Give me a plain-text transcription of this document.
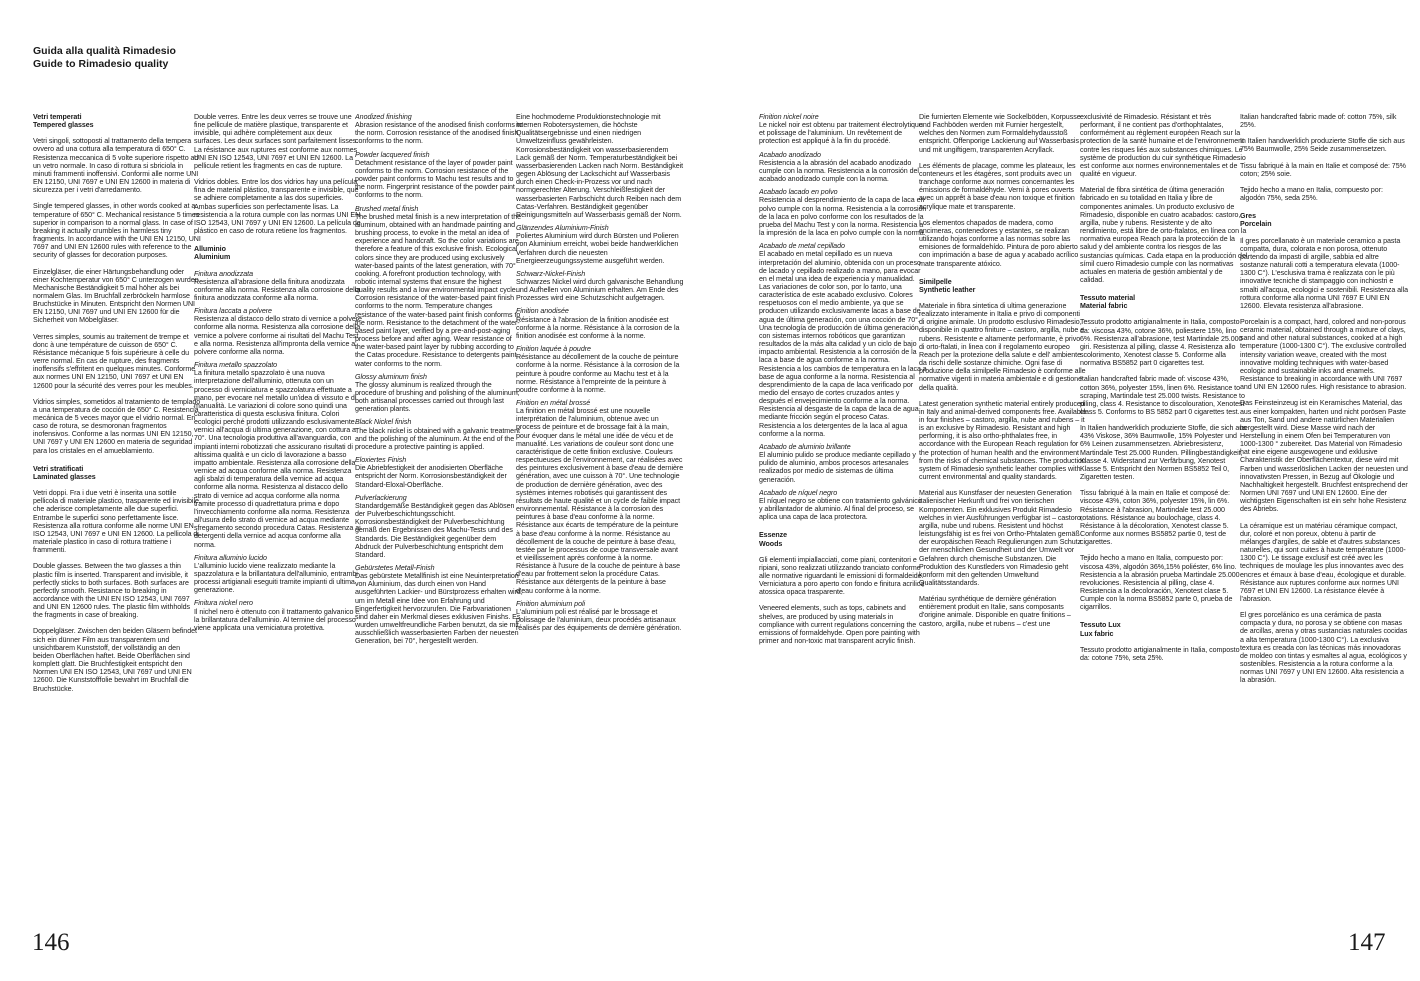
Guida alla qualità Rimadesio
Guide to Rimadesio quality
Vetri temperati
Tempered glasses

Vetri singoli, sottoposti al trattamento della tempera ovvero ad una cottura alla temperatura di 650° C. Resistenza meccanica di 5 volte superiore rispetto ad un vetro normale. In caso di rottura si sbriciola in minuti frammenti inoffensivi. Conformi alle norme UNI EN 12150, UNI 7697 e UNI EN 12600 in materia di sicurezza per i vetri d'arredamento.

Single tempered glasses, in other words cooked at a temperature of 650° C. Mechanical resistance 5 times superior in comparison to a normal glass. In case of breaking it actually crumbles in harmless tiny fragments. In accordance with the UNI EN 12150, UNI 7697 and UNI EN 12600 rules with reference to the security of glasses for decoration purposes.

Einzelgläser, die einer Härtungsbehandlung oder einer Kochtemperatur von 650° C unterzogen wurden. Mechanische Beständigkeit 5 mal höher als bei normalem Glas. Im Bruchfall zerbröckeln harmlose Bruchstücke in Minuten. Entspricht den Normen UNI EN 12150, UNI 7697 und UNI EN 12600 für die Sicherheit von Möbelgläser.

Verres simples, soumis au traitement de trempe et donc à une température de cuisson de 650° C. Résistance mécanique 5 fois supérieure à celle du verre normal. En cas de rupture, des fragments inoffensifs s'effritent en quelques minutes. Conforme aux normes UNI EN 12150, UNI 7697 et UNI EN 12600 pour la sécurité des verres pour les meubles.

Vidrios simples, sometidos al tratamiento de templado a una temperatura de cocción de 650° C. Resistencia mecánica de 5 veces mayor que el vidrio normal. En caso de rotura, se desmoronan fragmentos inofensivos. Conforme a las normas UNI EN 12150, UNI 7697 y UNI EN 12600 en materia de seguridad para los cristales en el amueblamiento.

Vetri stratificati
Laminated glasses

Vetri doppi. Fra i due vetri è inserita una sottile pellicola di materiale plastico, trasparente ed invisibile, che aderisce completamente alle due superfici. Entrambe le superfici sono perfettamente lisce. Resistenza alla rottura conforme alle norme UNI EN ISO 12543, UNI 7697 e UNI EN 12600. La pellicola di materiale plastico in caso di rottura trattiene i frammenti.

Double glasses. Between the two glasses a thin plastic film is inserted. Transparent and invisible, it perfectly sticks to both surfaces. Both surfaces are perfectly smooth. Resistance to breaking in accordance with the UNI EN ISO 12543, UNI 7697 and UNI EN 12600 rules. The plastic film withholds the fragments in case of breaking.

Doppelgläser. Zwischen den beiden Gläsern befindet sich ein dünner Film aus transparentem und unsichtbarem Kunststoff, der vollständig an den beiden Oberflächen haftet. Beide Oberflächen sind komplett glatt. Die Bruchfestigkeit entspricht den Normen UNI EN ISO 12543, UNI 7697 und UNI EN 12600. Die Kunststofffolie bewahrt im Bruchfall die Bruchstücke.

Double verres. Entre les deux verres se trouve une fine pellicule de matière plastique, transparente et invisible, qui adhère complètement aux deux surfaces. Les deux surfaces sont parfaitement lisses. La résistance aux ruptures est conforme aux normes UNI EN ISO 12543, UNI 7697 et UNI EN 12600. La pellicule retient les fragments en cas de rupture.

Vidrios dobles. Entre los dos vidrios hay una película fina de material plástico, transparente e invisible, que se adhiere completamente a las dos superficies. Ambas superficies son perfectamente lisas. La resistencia a la rotura cumple con las normas UNI EN ISO 12543, UNI 7697 y UNI EN 12600. La película de plástico en caso de rotura retiene los fragmentos.

Alluminio
Aluminium
Finitura anodizzata
Resistenza all'abrasione della finitura anodizzata conforme alla norma. Resistenza alla corrosione della finitura anodizzata conforme alla norma.
Finitura laccata a polvere
Resistenza al distacco dello strato di vernice a polvere conforme alla norma. Resistenza alla corrosione della vernice a polvere conforme ai risultati del Machu Test e alla norma. Resistenza all'impronta della vernice a polvere conforme alla norma.
Finitura metallo spazzolato
La finitura metallo spazzolato è una nuova interpretazione dell'alluminio, ottenuta con un processo di verniciatura e spazzolatura effettuate a mano, per evocare nel metallo un'idea di vissuto e di manualità. Le variazioni di colore sono quindi una caratteristica di questa esclusiva finitura. Colori ecologici perché prodotti utilizzando esclusivamente vernici all'acqua di ultima generazione, con cottura a 70°. Una tecnologia produttiva all'avanguardia, con impianti interni robotizzati che assicurano risultati di altissima qualità e un ciclo di lavorazione a basso impatto ambientale. Resistenza alla corrosione della vernice ad acqua conforme alla norma. Resistenza agli sbalzi di temperatura della vernice ad acqua conforme alla norma. Resistenza al distacco dello strato di vernice ad acqua conforme alla norma tramite processo di quadrettatura prima e dopo l'invecchiamento conforme alla norma. Resistenza all'usura dello strato di vernice ad acqua mediante sfregamento secondo procedura Catas. Resistenza ai detergenti della vernice ad acqua conforme alla norma.
Finitura alluminio lucido
L'alluminio lucido viene realizzato mediante la spazzolatura e la brillantatura dell'alluminio, entrambi processi artigianali eseguiti tramite impianti di ultima generazione.
Finitura nickel nero
Il nichel nero è ottenuto con il trattamento galvanico e la brillantatura dell'alluminio. Al termine del processo viene applicata una verniciatura protettiva.
Anodized finishing
Abrasion resistance of the anodised finish conforms to the norm. Corrosion resistance of the anodised finish conforms to the norm.
Powder lacquered finish
Detachment resistance of the layer of powder paint conforms to the norm. Corrosion resistance of the powder paint conforms to Machu test results and to the norm. Fingerprint resistance of the powder paint conforms to the norm.
Brushed metal finish
The brushed metal finish is a new interpretation of the aluminum, obtained with an handmade painting and brushing process, to evoke in the metal an idea of experience and handcraft. So the color variations are therefore a feature of this exclusive finish. Ecological colors since they are produced using exclusively water-based paints of the latest generation, with 70° cooking. A forefront production technology, with robotic internal systems that ensure the highest quality results and a low environmental impact cycle. Corrosion resistance of the water-based paint finish conforms to the norm. Temperature changes resistance of the water-based paint finish conforms to the norm. Resistance to the detachment of the water-based paint layer, verified by a pre-and-post-aging process before and after aging. Wear resistance of the water-based paint layer by rubbing according to the Catas procedure. Resistance to detergents paint water conforms to the norm.
Glossy aluminum finish
The glossy aluminum is realized through the procedure of brushing and polishing of the aluminum, both artisanal processes carried out through last generation plants.
Black Nickel finish
The black nickel is obtained with a galvanic treatment and the polishing of the aluminum. At the end of the procedure a protective painting is applied.
Eloxiertes Finish
Die Abriebfestigkeit der anodisierten Oberfläche entspricht der Norm. Korrosionsbeständigkeit der Standard-Eloxal-Oberfläche.
Pulverlackierung
Standardgemäße Beständigkeit gegen das Ablösen der Pulverbeschichtungsschicht. Korrosionsbeständigkeit der Pulverbeschichtung gemäß den Ergebnissen des Machu-Tests und des Standards. Die Beständigkeit gegenüber dem Abdruck der Pulverbeschichtung entspricht dem Standard.
Gebürstetes Metall-Finish
Das gebürstete Metallfinish ist eine Neuinterpretation von Aluminium, das durch einen von Hand ausgeführten Lackier- und Bürstprozess erhalten wird, um im Metall eine Idee von Erfahrung und Fingerfertigkeit hervorzurufen. Die Farbvariationen sind daher ein Merkmal dieses exklusiven Finishs. Es wurden umweltfreundliche Farben benutzt, da sie mit ausschließlich wasserbasierten Farben der neuesten Generation, bei 70°, hergestellt werden.
Eine hochmoderne Produktionstechnologie mit internen Robotersystemen, die höchste Qualitätsergebnisse und einen niedrigen Umweltzeinfluss gewährleisten. Korrosionsbeständigkeit von wasserbasierendem Lack gemäß der Norm. Temperaturbeständigkeit bei wasserbasierenden Lacken nach Norm. Beständigkeit gegen Ablösung der Lackschicht auf Wasserbasis durch einen Check-in-Prozess vor und nach normgerechter Alterung. Verschleißfestigkeit der wasserbasierten Farbschicht durch Reiben nach dem Catas-Verfahren. Beständigkeit gegenüber Reinigungsmitteln auf Wasserbasis gemäß der Norm.
Glänzendes Aluminium-Finish
Poliertes Aluminium wird durch Bürsten und Polieren von Aluminium erreicht, wobei beide handwerklichen Verfahren durch die neuesten Energieerzeugungssysteme ausgeführt werden.
Schwarz-Nickel-Finish
Schwarzes Nickel wird durch galvanische Behandlung und Aufhellen von Aluminium erhalten. Am Ende des Prozesses wird eine Schutzschicht aufgetragen.
Finition anodisée
Résistance à l'abrasion de la finition anodisée est conforme à la norme. Résistance à la corrosion de la finition anodisée est conforme à la norme.
Finition laquée à poudre
Résistance au décollement de la couche de peinture conforme à la norme. Résistance à la corrosion de la peinture à poudre conforme au Machu test et à la norme. Résistance à l'empreinte de la peinture à poudre conforme à la norme.
Finition en métal brossé
La finition en métal brossé est une nouvelle interprétation de l'aluminium, obtenue avec un process de peinture et de brossage fait à la main, pour évoquer dans le métal une idée de vécu et de manualité. Les variations de couleur sont donc une caractéristique de cette finition exclusive. Couleurs respectueuses de l'environnement, car réalisées avec des peintures exclusivement à base d'eau de dernière génération, avec une cuisson à 70°. Une technologie de production de dernière génération, avec des systèmes internes robotisés qui garantissent des résultats de haute qualité et un cycle de faible impact environnemental. Résistance à la corrosion des peintures à base d'eau conforme à la norme. Résistance aux écarts de température de la peinture à base d'eau conforme à la norme. Résistance au décollement de la couche de peinture à base d'eau, testée par le processus de coupe transversale avant et vieillissement après conforme à la norme. Résistance à l'usure de la couche de peinture à base d'eau par frottement selon la procédure Catas. Résistance aux détergents de la peinture à base d'eau conforme à la norme.
Finition aluminium poli
L'aluminium poli est réalisé par le brossage et polissage de l'aluminium, deux procédés artisanaux réalisés par des équipements de dernière génération.
Finition nickel noire
Le nickel noir est obtenu par traitement électrolytique et polissage de l'aluminium. Un revêtement de protection est appliqué à la fin du procédé.
Acabado anodizado
Resistencia a la abrasión del acabado anodizado cumple con la norma. Resistencia a la corrosión del acabado anodizado cumple con la norma.
Acabado lacado en polvo
Resistencia al desprendimiento de la capa de laca en polvo cumple con la norma. Resistencia a la corrosión de la laca en polvo conforme con los resultados de la prueba del Machu Test y con la norma. Resistencia a la impresión de la laca en polvo cumple con la norma.
Acabado de metal cepillado
El acabado en metal cepillado es un nueva interpretación del aluminio, obtenida con un proceso de lacado y cepillado realizado a mano, para evocar en el metal una idea de experiencia y manualidad. Las variaciones de color son, por lo tanto, una característica de este acabado exclusivo. Colores respetuosos con el medio ambiente, ya que se producen utilizando exclusivamente lacas a base de agua de última generación, con una cocción de 70°. Una tecnología de producción de última generación, con sistemas internos robóticos que garantizan resultados de la más alta calidad y un ciclo de bajo impacto ambiental. Resistencia a la corrosión de la laca a base de agua conforme a la norma. Resistencia a los cambios de temperatura en la laca a base de agua conforme a la norma. Resistencia al desprendimiento de la capa de laca verificado por medio del ensayo de cortes cruzados antes y después el envejecimiento conforme a la norma. Resistencia al desgaste de la capa de laca de agua mediante fricción según el proceso Catas. Resistencia a los detergentes de la laca al agua conforme a la norma.
Acabado de aluminio brillante
El aluminio pulido se produce mediante cepillado y pulido de aluminio, ambos procesos artesanales realizados por medio de sistemas de última generación.
Acabado de níquel negro
El níquel negro se obtiene con tratamiento galvánico y abrillantador de aluminio. Al final del proceso, se aplica una capa de laca protectora.
Essenze
Woods

Gli elementi impiallacciati, come piani, contenitori e ripiani, sono realizzati utilizzando tranciato conforme alle normative riguardanti le emissioni di formaldeide. Verniciatura a poro aperto con fondo e finitura acrilica atossica opaca trasparente.

Veneered elements, such as tops, cabinets and shelves, are produced by using materials in compliance with current regulations concerning the emissions of formaldehyde. Open pore painting with primer and non-toxic mat transparent acrylic finish.

Die furnierten Elemente wie Sockelböden, Korpusse und Fachböden werden mit Furnier hergestellt, welches den Normen zum Formaldehydausstoß entspricht. Offenporige Lackierung auf Wasserbasis und mit ungiftigem, transparenten Acryllack.

Les éléments de placage, comme les plateaux, les conteneurs et les étagères, sont produits avec un tranchage conforme aux normes concernantes les émissions de formaldéhyde. Verni à pores ouverts avec un apprêt à base d'eau non toxique et finition acrylique mate et transparente.

Los elementos chapados de madera, como encimeras, contenedores y estantes, se realizan utilizando hojas conforme a las normas sobre las emisiones de formaldehído. Pintura de poro abierto con imprimación a base de agua y acabado acrílico mate transparente atóxico.

Similpelle
Synthetic leather

Materiale in fibra sintetica di ultima generazione realizzato interamente in Italia e privo di componenti di origine animale. Un prodotto esclusivo Rimadesio, disponibile in quattro finiture – castoro, argilla, nube e rubens. Resistente e altamente performante, è privo di orto-ftalati, in linea con il regolamento europeo Reach per la protezione della salute e dell' ambiente da rischi delle sostanze chimiche. Ogni fase di produzione della similpelle Rimadesio è conforme alle normative vigenti in materia ambientale e di gestione della qualità.

Latest generation synthetic material entirely produced in Italy and animal-derived components free. Available in four finishes – castoro, argilla, nube and rubens – it is an exclusive by Rimadesio. Resistant and high performing, it is also ortho-phthalates free, in accordance with the European Reach regulation for the protection of human health and the environment from the risks of chemical substances. The production system of Rimadesio synthetic leather complies with current environmental and quality standards.

Material aus Kunstfaser der neuesten Generation italienischer Herkunft und frei von tierischen Komponenten. Ein exklusives Produkt Rimadesio welches in vier Ausführungen verfügbar ist – castoro, argilla, nube und rubens. Resistent und höchst leistungsfähig ist es frei von Ortho-Phtalaten gemäß der europäischen Reach Regulierungen zum Schutz der menschlichen Gesundheit und der Umwelt vor Gefahren durch chemische Substanzen. Die Produktion des Kunstleders von Rimadesio geht konform mit den geltenden Umweltund Qualitätsstandards.

Matériau synthétique de dernière génération entièrement produit en Italie, sans composants d'origine animale. Disponible en quatre finitions – castoro, argilla, nube et rubens – c'est une

exclusivité de Rimadesio. Résistant et très performant, il ne contient pas d'orthophtalates, conformément au règlement européen Reach sur la protection de la santé humaine et de l'environnement contre les risques liés aux substances chimiques. Le système de production du cuir synthétique Rimadesio est conforme aux normes environnementales et de qualité en vigueur.

Material de fibra sintética de última generación fabricado en su totalidad en Italia y libre de componentes animales. Un producto exclusivo de Rimadesio, disponible en cuatro acabados: castoro, argilla, nube y rubens. Resistente y de alto rendimiento, está libre de orto-ftalatos, en línea con la normativa europea Reach para la protección de la salud y del ambiente contra los riesgos de las sustancias químicas. Cada etapa en la producción del símil cuero Rimadesio cumple con las normativas actuales en materia de gestión ambiental y de calidad.

Tessuto material
Material fabric

Tessuto prodotto artigianalmente in Italia, composto da: viscosa 43%, cotone 36%, poliestere 15%, lino 6%. Resistenza all'abrasione, test Martindale 25.000 giri. Resistenza al pilling, classe 4. Resistenza allo scolorimento, Xenotest classe 5. Conforme alla normativa BS5852 part 0 cigarettes test.

Italian handcrafted fabric made of: viscose 43%, cotton 36%, polyester 15%, linen 6%. Resistance to scraping, Martindale test 25.000 twists. Resistance to piling, class 4. Resistance to discolouration, Xenotest class 5. Conforms to BS 5852 part 0 cigarettes test.

In Italien handwerklich produzierte Stoffe, die sich aus 43% Viskose, 36% Baumwolle, 15% Polyester und 6% Leinen zusammensetzen. Abriebresistenz, Martindale Test 25.000 Runden. Pillingbeständigkeit, Klasse 4. Widerstand zur Verfärbung, Xenotest Klasse 5. Entspricht den Normen BS5852 Teil 0, Zigaretten testen.

Tissu fabriqué à la main en Italie et composé de: viscose 43%, coton 36%, polyester 15%, lin 6%. Résistance à l'abrasion, Martindale test 25.000 rotations. Résistance au boulochage, class 4. Résistance à la décoloration, Xenotest classe 5. Conforme aux normes BS5852 partie 0, test de cigarettes.

Tejido hecho a mano en Italia, compuesto por: viscosa 43%, algodón 36%,15% poliéster, 6% lino. Resistencia a la abrasión prueba Martindale 25.000 revoluciones. Resistencia al pilling, clase 4. Resistencia a la decoloración, Xenotest clase 5. Cumple con la norma BS5852 parte 0, prueba de cigarrillos.

Tessuto Lux
Lux fabric

Tessuto prodotto artigianalmente in Italia, composto da: cotone 75%, seta 25%.

Italian handcrafted fabric made of: cotton 75%, silk 25%.

In Italien handwerklich produzierte Stoffe die sich aus 75% Baumwolle, 25% Seide zusammensetzen.

Tissu fabriqué à la main en Italie et composé de: 75% coton; 25% soie.

Tejido hecho a mano en Italia, compuesto por: algodón 75%, seda 25%.

Gres
Porcelain

Il gres porcellanato è un materiale ceramico a pasta compatta, dura, colorata e non porosa, ottenuto partendo da impasti di argille, sabbia ed altre sostanze naturali cotti a temperatura elevata (1000-1300 C°). L'esclusiva trama è realizzata con le più innovative tecniche di stampaggio con inchiostri e smalti all'acqua, ecologici e sostenibili. Resistenza alla rottura conforme alla norma UNI 7697 E UNI EN 12600. Elevata resistenza all'abrasione.

Porcelain is a compact, hard, colored and non-porous ceramic material, obtained through a mixture of clays, sand and other natural substances, cooked at a high temperature (1000-1300 C°). The exclusive controlled intensity variation weave, created with the most innovative molding techniques with water-based ecologic and sustainable inks and enamels. Resistance to breaking in accordance with UNI 7697 and UNI EN 12600 rules. High resistance to abrasion.

Das Feinsteinzeug ist ein Keramisches Material, das aus einer kompakten, harten und nicht porösen Paste aus Ton, Sand und andere natürlichen Materialien hergestellt wird. Diese Masse wird nach der Herstellung in einem Ofen bei Temperaturen von 1000-1300 ° zubereitet. Das Material von Rimadesio hat eine eigene ausgewogene und exklusive Charakteristik der Oberflächentextur, diese wird mit Farben und wasserlöslichen Lacken der neuesten und innovativsten Pressen, in Bezug auf Ökologie und Nachhaltigkeit hergestellt. Bruchfest entsprechend der Normen UNI 7697 und UNI EN 12600. Eine der wichtigsten Eigenschaften ist ein sehr hohe Resistenz des Abriebs.

La céramique est un matériau céramique compact, dur, coloré et non poreux, obtenu à partir de mélanges d'argiles, de sable et d'autres substances naturelles, qui sont cuites à haute température (1000-1300 C°). Le tissage exclusif est créé avec les techniques de moulage les plus innovantes avec des encres et émaux à base d'eau, écologique et durable. Résistance aux ruptures conforme aux normes UNI 7697 et UNI EN 12600. La résistance élevée à l'abrasion.

El gres porcelánico es una cerámica de pasta compacta y dura, no porosa y se obtiene con masas de arcillas, arena y otras sustancias naturales cocidas a alta temperatura (1000-1300 C°). La exclusiva textura es creada con las técnicas más innovadoras de moldeo con tintas y esmaltes al agua, ecológicos y sostenibles. Resistencia a la rotura conforme a la normas UNI 7697 y UNI EN 12600. Alta resistencia a la abrasión.

146	147
